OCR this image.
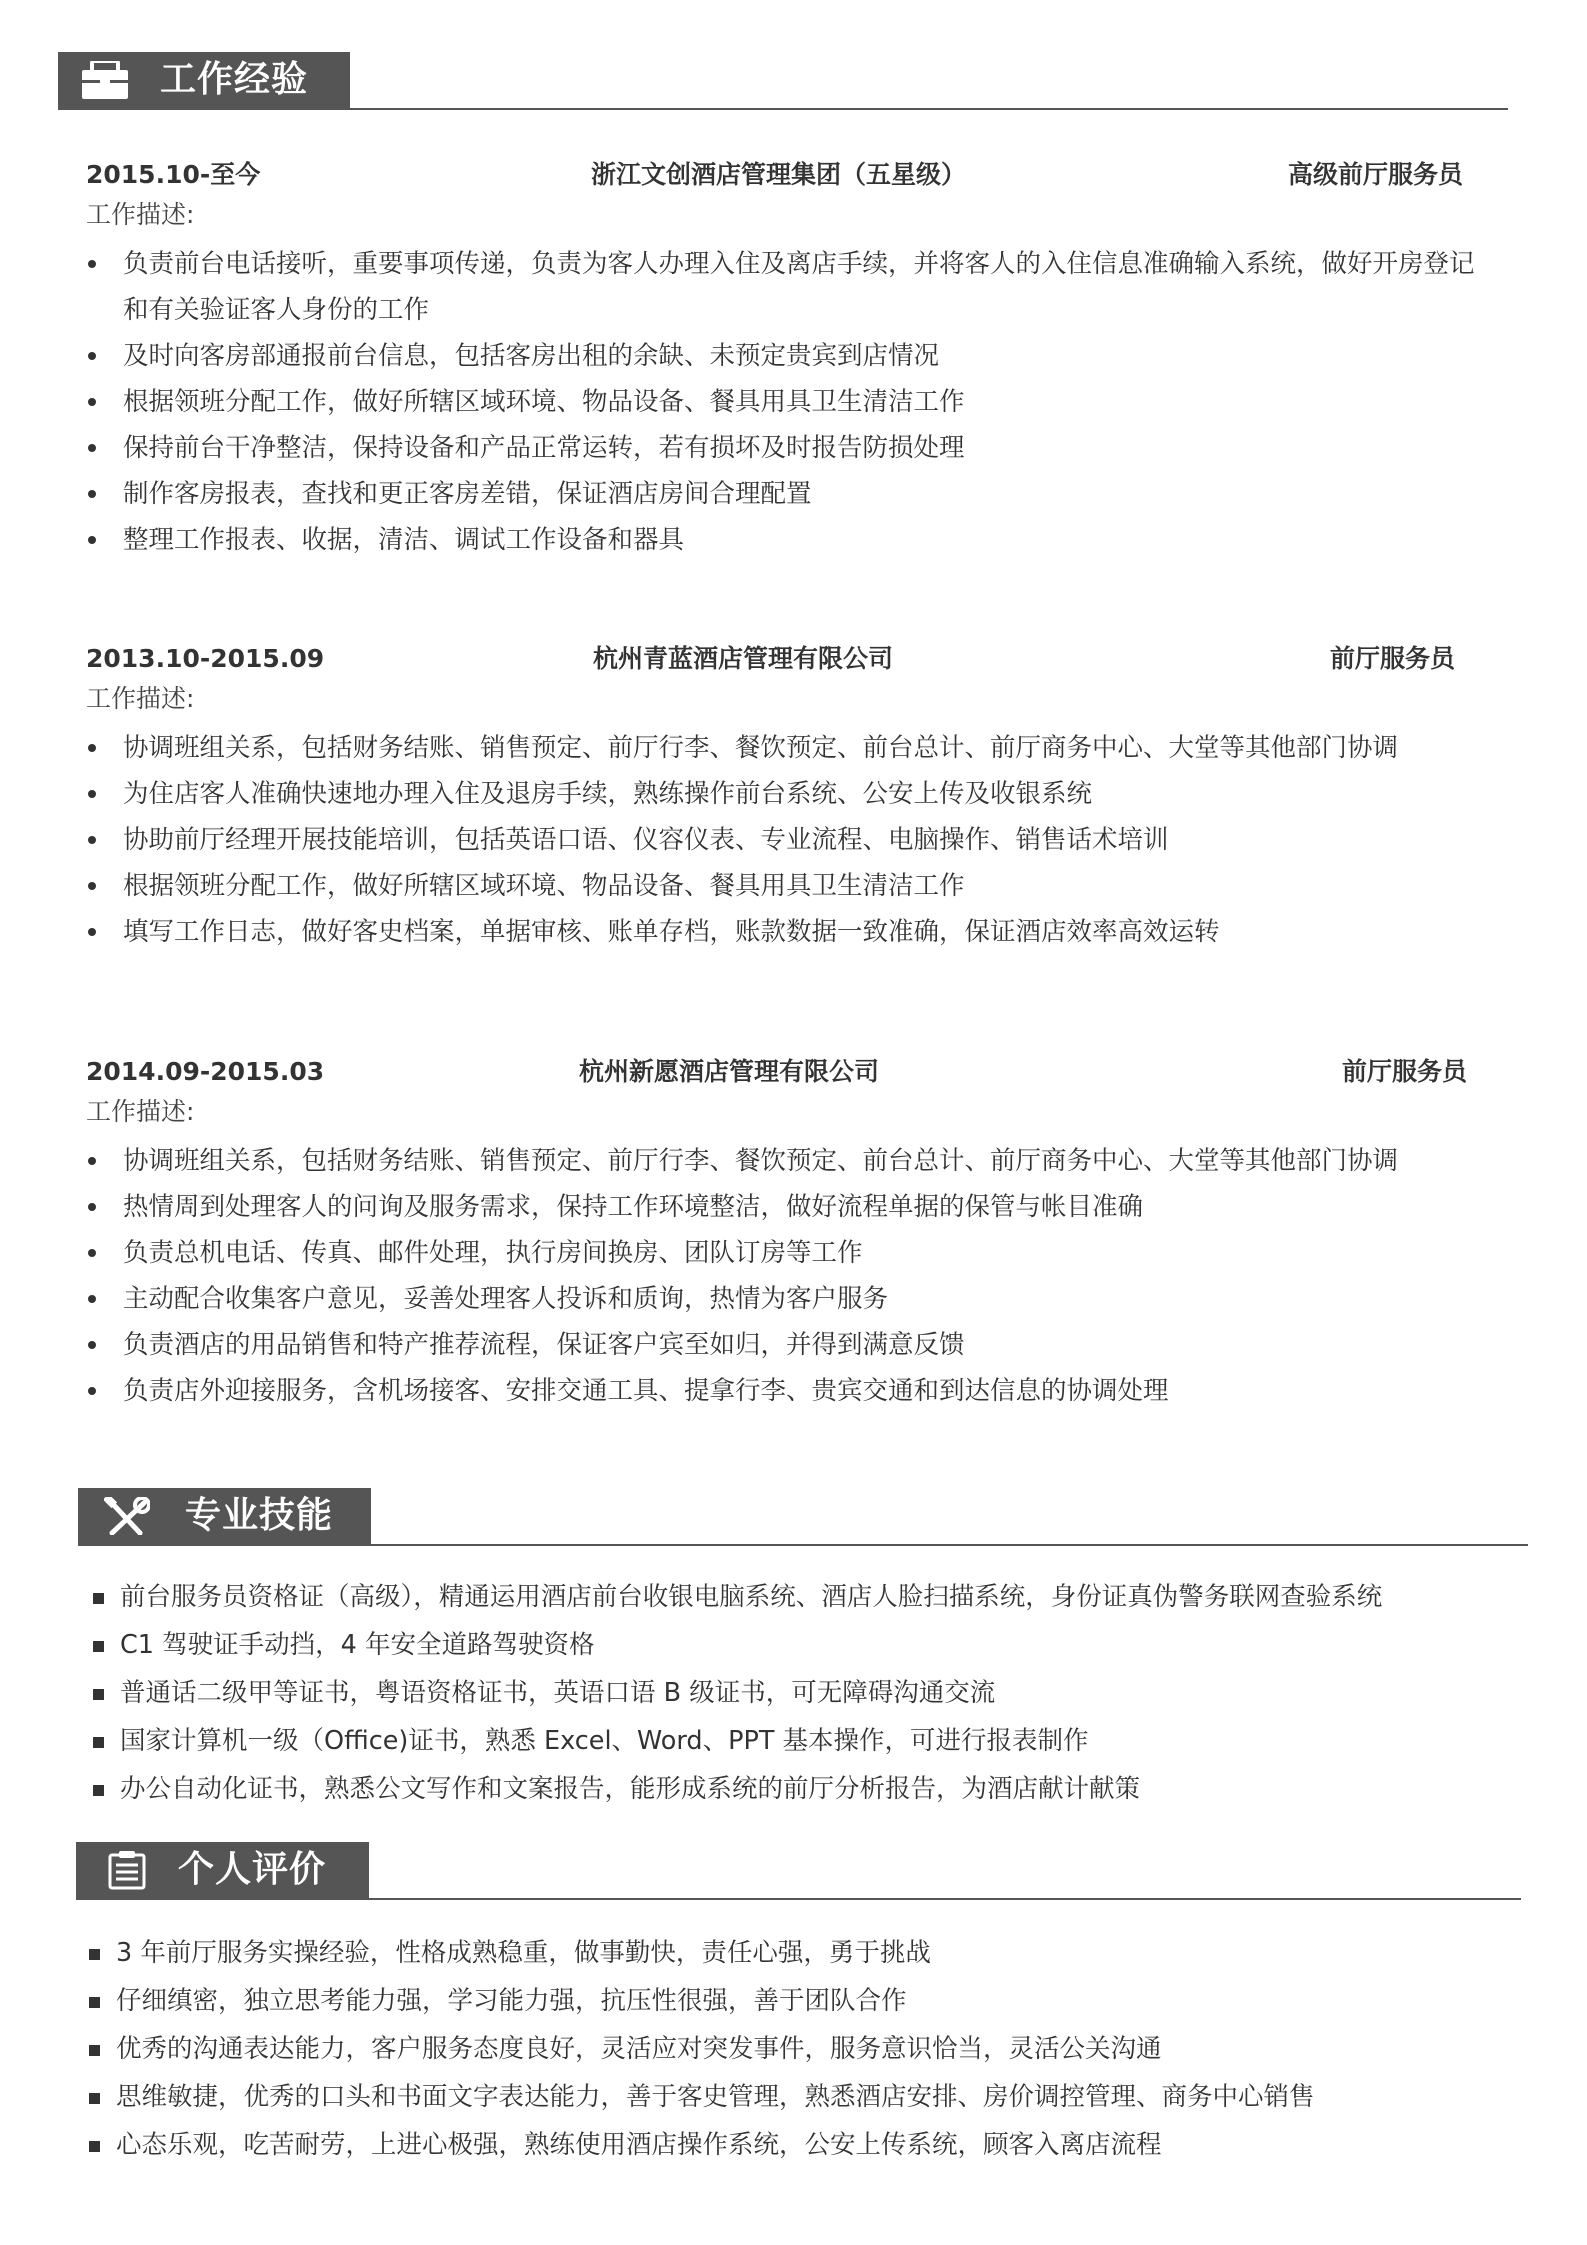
工作经验
2015.10-至今	浙江文创酒店管理集团（五星级）	高级前厅服务员
工作描述:
负责前台电话接听，重要事项传递，负责为客人办理入住及离店手续，并将客人的入住信息准确输入系统，做好开房登记和有关验证客人身份的工作
及时向客房部通报前台信息，包括客房出租的余缺、未预定贵宾到店情况
根据领班分配工作，做好所辖区域环境、物品设备、餐具用具卫生清洁工作
保持前台干净整洁，保持设备和产品正常运转，若有损坏及时报告防损处理
制作客房报表，查找和更正客房差错，保证酒店房间合理配置
整理工作报表、收据，清洁、调试工作设备和器具
2013.10-2015.09	杭州青蓝酒店管理有限公司	前厅服务员
工作描述:
协调班组关系，包括财务结账、销售预定、前厅行李、餐饮预定、前台总计、前厅商务中心、大堂等其他部门协调
为住店客人准确快速地办理入住及退房手续，熟练操作前台系统、公安上传及收银系统
协助前厅经理开展技能培训，包括英语口语、仪容仪表、专业流程、电脑操作、销售话术培训
根据领班分配工作，做好所辖区域环境、物品设备、餐具用具卫生清洁工作
填写工作日志，做好客史档案，单据审核、账单存档，账款数据一致准确，保证酒店效率高效运转
2014.09-2015.03	杭州新愿酒店管理有限公司	前厅服务员
工作描述:
协调班组关系，包括财务结账、销售预定、前厅行李、餐饮预定、前台总计、前厅商务中心、大堂等其他部门协调
热情周到处理客人的问询及服务需求，保持工作环境整洁，做好流程单据的保管与帐目准确
负责总机电话、传真、邮件处理，执行房间换房、团队订房等工作
主动配合收集客户意见，妥善处理客人投诉和质询，热情为客户服务
负责酒店的用品销售和特产推荐流程，保证客户宾至如归，并得到满意反馈
负责店外迎接服务，含机场接客、安排交通工具、提拿行李、贵宾交通和到达信息的协调处理
专业技能
前台服务员资格证（高级），精通运用酒店前台收银电脑系统、酒店人脸扫描系统，身份证真伪警务联网查验系统
C1 驾驶证手动挡，4 年安全道路驾驶资格
普通话二级甲等证书，粤语资格证书，英语口语 B 级证书，可无障碍沟通交流
国家计算机一级（Office)证书，熟悉 Excel、Word、PPT 基本操作，可进行报表制作
办公自动化证书，熟悉公文写作和文案报告，能形成系统的前厅分析报告，为酒店献计献策
个人评价
3 年前厅服务实操经验，性格成熟稳重，做事勤快，责任心强，勇于挑战
仔细缜密，独立思考能力强，学习能力强，抗压性很强，善于团队合作
优秀的沟通表达能力，客户服务态度良好，灵活应对突发事件，服务意识恰当，灵活公关沟通
思维敏捷，优秀的口头和书面文字表达能力，善于客史管理，熟悉酒店安排、房价调控管理、商务中心销售
心态乐观，吃苦耐劳，上进心极强，熟练使用酒店操作系统，公安上传系统，顾客入离店流程
